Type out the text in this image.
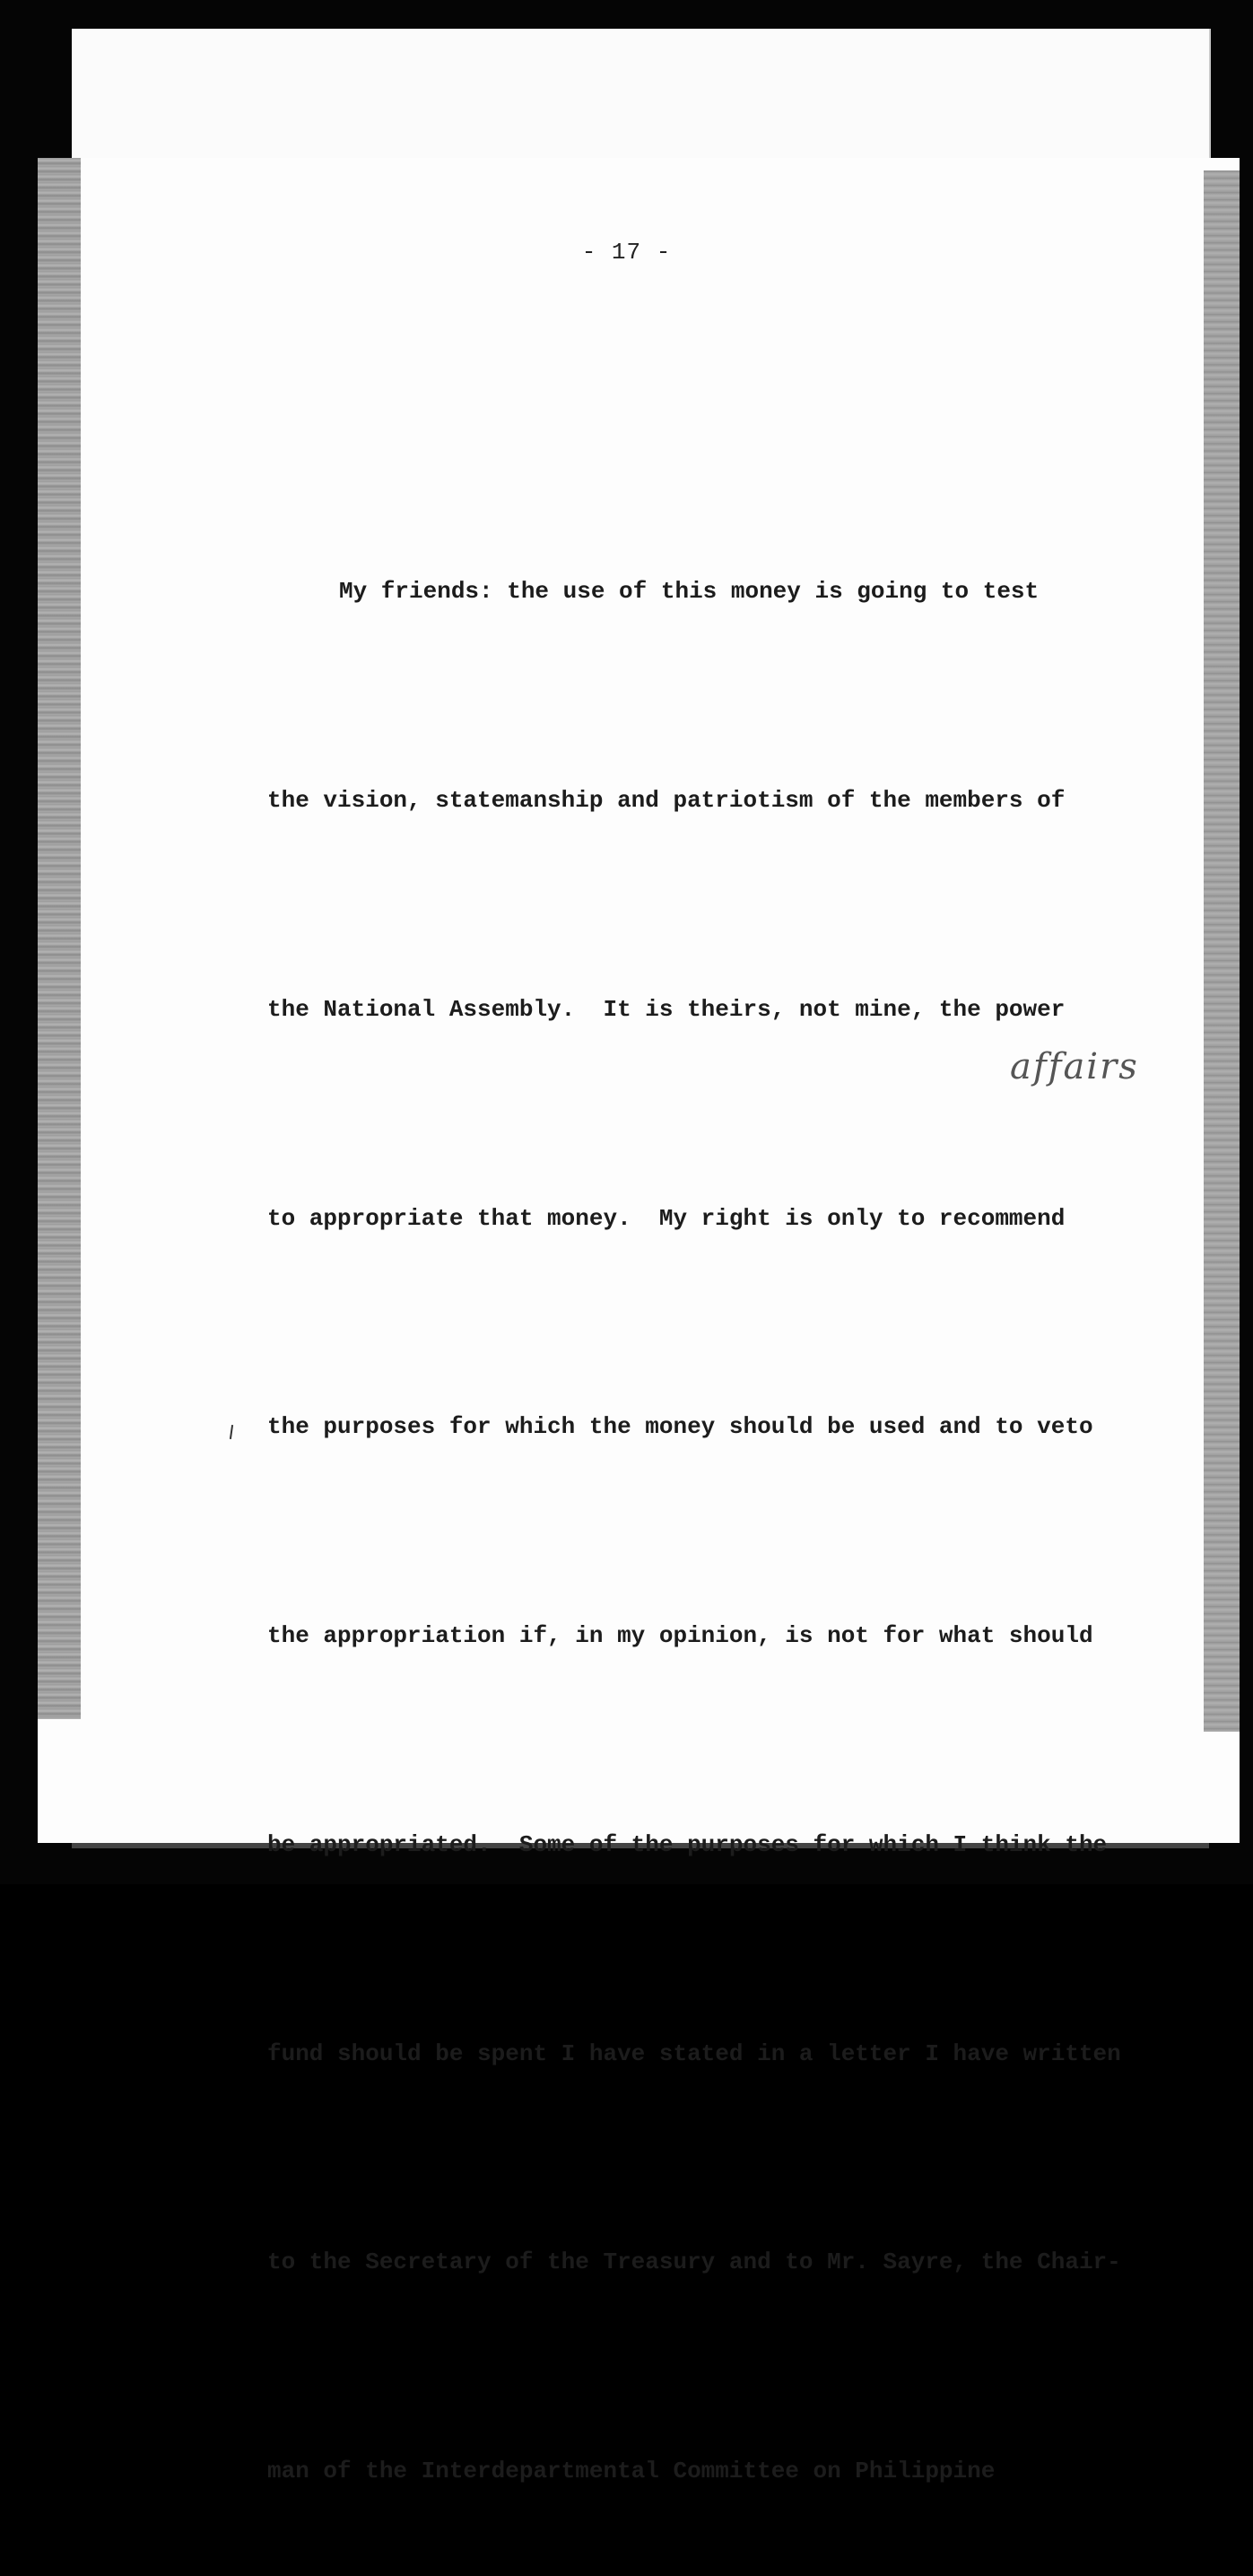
- 17 -

My friends: the use of this money is going to test

the vision, statemanship and patriotism of the members of

the National Assembly.  It is theirs, not mine, the power

to appropriate that money.  My right is only to recommend

the purposes for which the money should be used and to veto

the appropriation if, in my opinion, is not for what should

be appropriated.  Some of the purposes for which I think the

fund should be spent I have stated in a letter I have written

to the Secretary of the Treasury and to Mr. Sayre, the Chair-

man of the Interdepartmental Committee on Philippine

affairs
